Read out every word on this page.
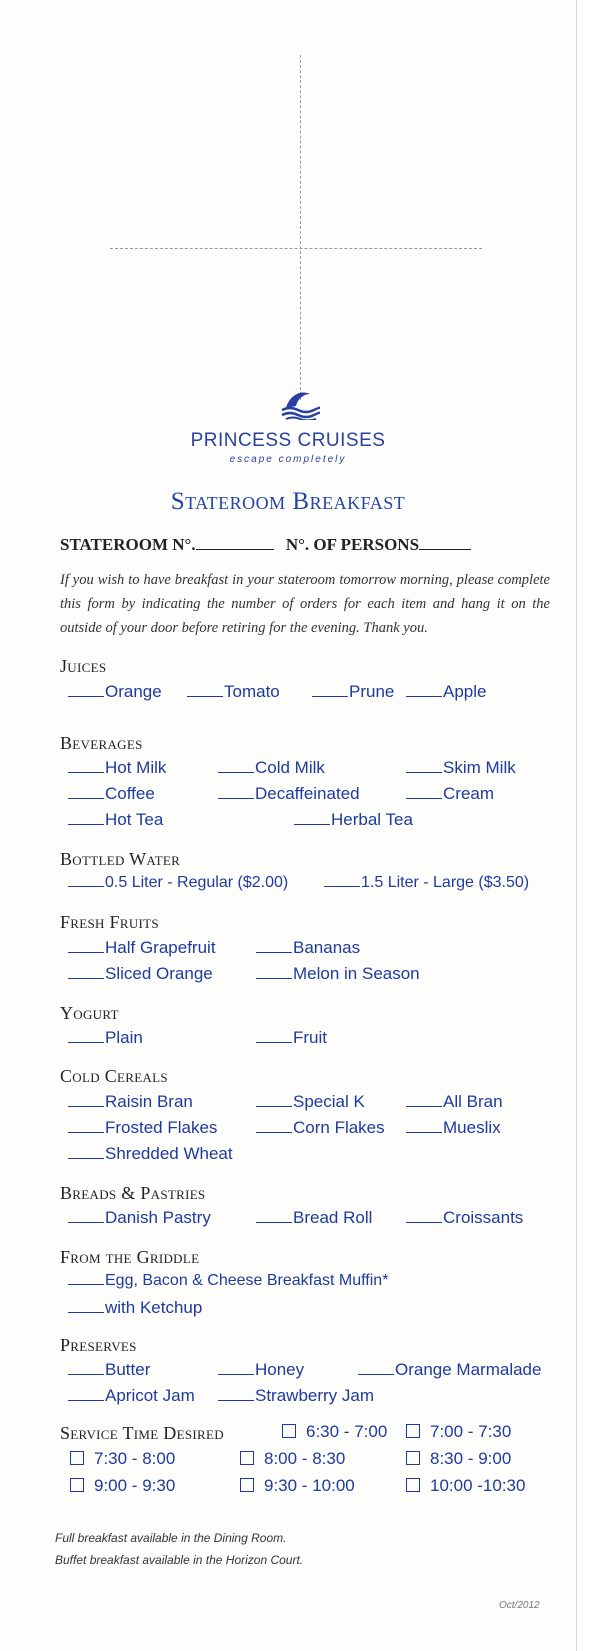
PRINCESS CRUISES
escape completely
Stateroom Breakfast
STATEROOM N°.	N°. OF PERSONS
If you wish to have breakfast in your stateroom tomorrow morning, please complete this form by indicating the number of orders for each item and hang it on the outside of your door before retiring for the evening. Thank you.
Juices
Orange	Tomato	Prune	Apple
Beverages
Hot Milk	Cold Milk	Skim Milk
Coffee	Decaffeinated	Cream
Hot Tea	Herbal Tea
Bottled Water
0.5 Liter - Regular ($2.00)	1.5 Liter - Large ($3.50)
Fresh Fruits
Half Grapefruit	Bananas
Sliced Orange	Melon in Season
Yogurt
Plain	Fruit
Cold Cereals
Raisin Bran	Special K	All Bran
Frosted Flakes	Corn Flakes	Mueslix
Shredded Wheat
Breads & Pastries
Danish Pastry	Bread Roll	Croissants
From the Griddle
Egg, Bacon & Cheese Breakfast Muffin*
with Ketchup
Preserves
Butter	Honey	Orange Marmalade
Apricot Jam	Strawberry Jam
Service Time Desired	6:30 - 7:00	7:00 - 7:30
7:30 - 8:00	8:00 - 8:30	8:30 - 9:00
9:00 - 9:30	9:30 - 10:00	10:00 -10:30
Full breakfast available in the Dining Room.
Buffet breakfast available in the Horizon Court.
Oct/2012
